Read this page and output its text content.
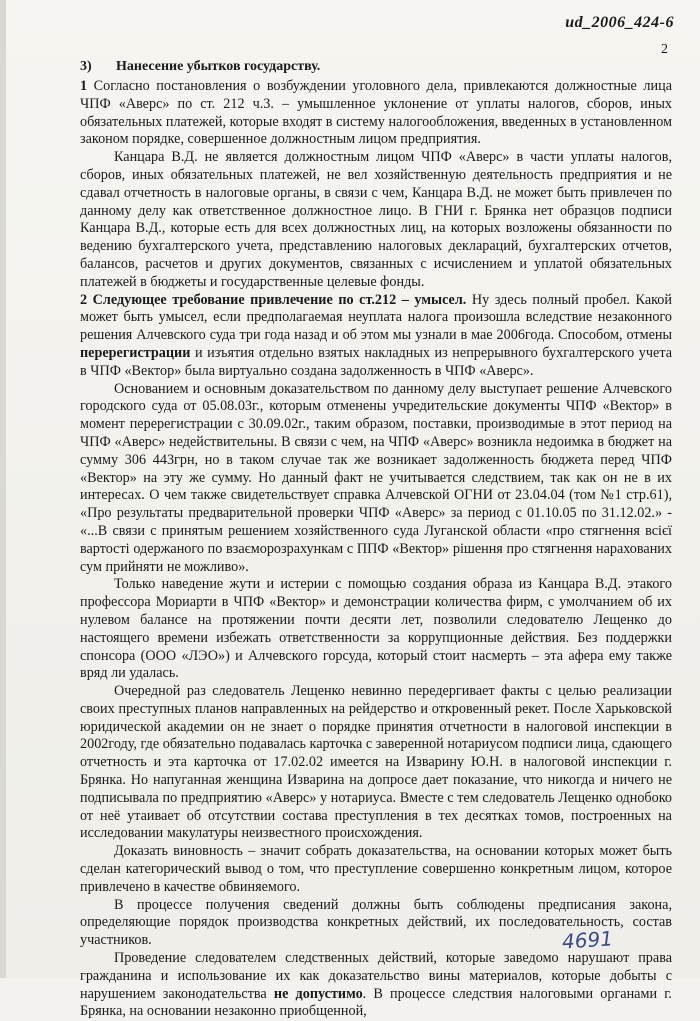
ud_2006_424-6
2
3) Нанесение убытков государству.

1 Согласно постановления о возбуждении уголовного дела, привлекаются должностные лица ЧПФ «Аверс» по ст. 212 ч.3. – умышленное уклонение от уплаты налогов, сборов, иных обязательных платежей, которые входят в систему налогообложения, введенных в установленном законом порядке, совершенное должностным лицом предприятия.

Канцара В.Д. не является должностным лицом ЧПФ «Аверс» в части уплаты налогов, сборов, иных обязательных платежей, не вел хозяйственную деятельность предприятия и не сдавал отчетность в налоговые органы, в связи с чем, Канцара В.Д. не может быть привлечен по данному делу как ответственное должностное лицо. В ГНИ г. Брянка нет образцов подписи Канцара В.Д., которые есть для всех должностных лиц, на которых возложены обязанности по ведению бухгалтерского учета, представлению налоговых деклараций, бухгалтерских отчетов, балансов, расчетов и других документов, связанных с исчислением и уплатой обязательных платежей в бюджеты и государственные целевые фонды.

2 Следующее требование привлечение по ст.212 – умысел. Ну здесь полный пробел. Какой может быть умысел, если предполагаемая неуплата налога произошла вследствие незаконного решения Алчевского суда три года назад и об этом мы узнали в мае 2006года. Способом, отмены перерегистрации и изъятия отдельно взятых накладных из непрерывного бухгалтерского учета в ЧПФ «Вектор» была виртуально создана задолженность в ЧПФ «Аверс».

Основанием и основным доказательством по данному делу выступает решение Алчевского городского суда от 05.08.03г., которым отменены учредительские документы ЧПФ «Вектор» в момент перерегистрации с 30.09.02г., таким образом, поставки, производимые в этот период на ЧПФ «Аверс» недействительны. В связи с чем, на ЧПФ «Аверс» возникла недоимка в бюджет на сумму 306 443грн, но в таком случае так же возникает задолженность бюджета перед ЧПФ «Вектор» на эту же сумму. Но данный факт не учитывается следствием, так как он не в их интересах. О чем также свидетельствует справка Алчевской ОГНИ от 23.04.04 (том №1 стр.61), «Про результаты предварительной проверки ЧПФ «Аверс» за период с 01.10.05 по 31.12.02.» - «...В связи с принятым решением хозяйственного суда Луганской области «про стягнення всієї вартості одержаного по взаєморозрахункам с ППФ «Вектор» рішення про стягнення нарахованих сум прийняти не можливо».

Только наведение жути и истерии с помощью создания образа из Канцара В.Д. этакого профессора Мориарти в ЧПФ «Вектор» и демонстрации количества фирм, с умолчанием об их нулевом балансе на протяжении почти десяти лет, позволили следователю Лещенко до настоящего времени избежать ответственности за коррупционные действия. Без поддержки спонсора (ООО «ЛЭО») и Алчевского горсуда, который стоит насмерть – эта афера ему также вряд ли удалась.

Очередной раз следователь Лещенко невинно передергивает факты с целью реализации своих преступных планов направленных на рейдерство и откровенный рекет. После Харьковской юридической академии он не знает о порядке принятия отчетности в налоговой инспекции в 2002году, где обязательно подавалась карточка с заверенной нотариусом подписи лица, сдающего отчетность и эта карточка от 17.02.02 имеется на Изварину Ю.Н. в налоговой инспекции г. Брянка. Но напуганная женщина Изварина на допросе дает показание, что никогда и ничего не подписывала по предприятию «Аверс» у нотариуса. Вместе с тем следователь Лещенко однобоко от неё утаивает об отсутствии состава преступления в тех десятках томов, построенных на исследовании макулатуры неизвестного происхождения.

Доказать виновность – значит собрать доказательства, на основании которых может быть сделан категорический вывод о том, что преступление совершенно конкретным лицом, которое привлечено в качестве обвиняемого.

В процессе получения сведений должны быть соблюдены предписания закона, определяющие порядок производства конкретных действий, их последовательность, состав участников.

Проведение следователем следственных действий, которые заведомо нарушают права гражданина и использование их как доказательство вины материалов, которые добыты с нарушением законодательства не допустимо. В процессе следствия налоговыми органами г. Брянка, на основании незаконно приобщенной,

4691
